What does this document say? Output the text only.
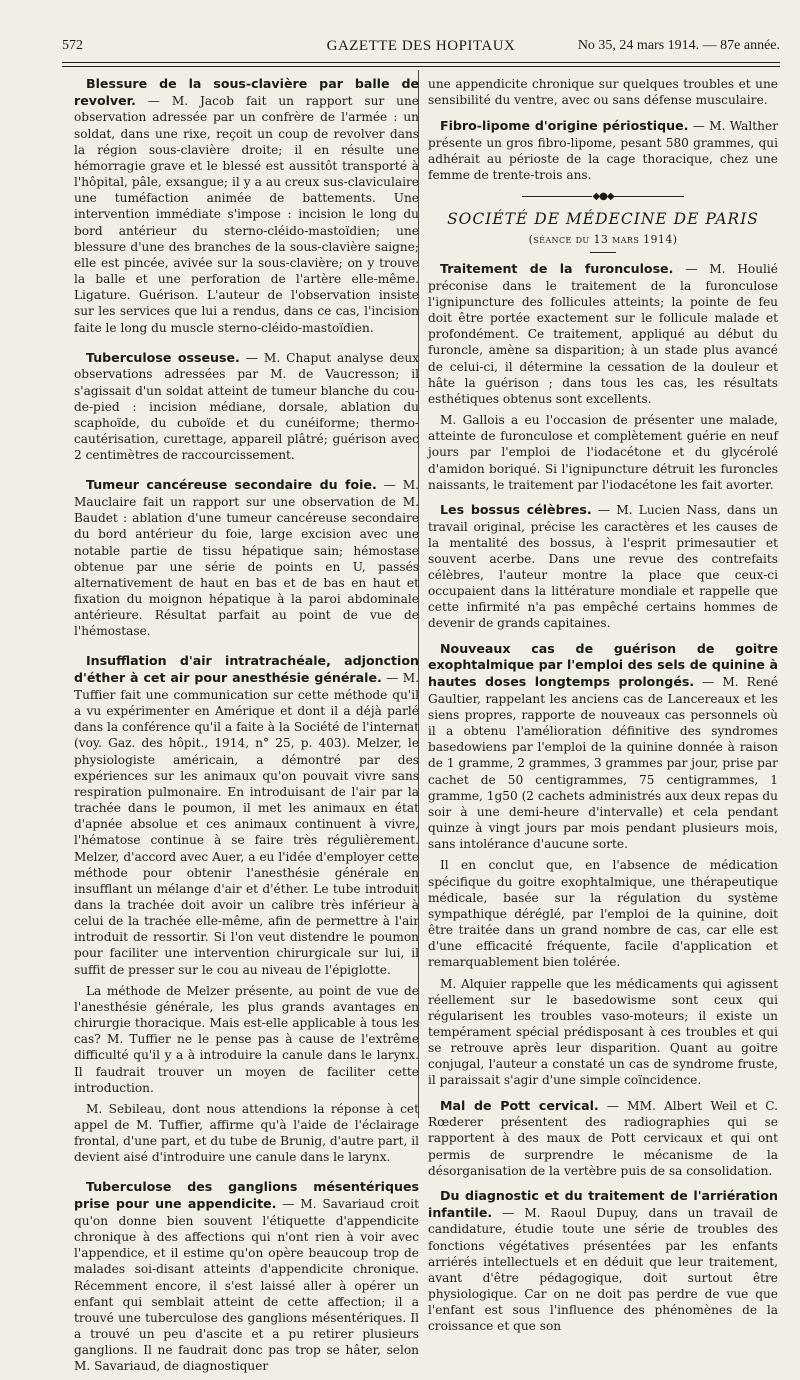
572	GAZETTE DES HOPITAUX	No 35, 24 mars 1914. — 87e année.

Blessure de la sous-clavière par balle de revolver. — M. Jacob fait un rapport sur une observation adressée par un confrère de l'armée : un soldat, dans une rixe, reçoit un coup de revolver dans la région sous-clavière droite; il en résulte une hémorragie grave et le blessé est aussitôt transporté à l'hôpital, pâle, exsangue; il y a au creux sus-claviculaire une tuméfaction animée de battements. Une intervention immédiate s'impose : incision le long du bord antérieur du sterno-cléido-mastoïdien; une blessure d'une des branches de la sous-clavière saigne; elle est pincée, avivée sur la sous-clavière; on y trouve la balle et une perforation de l'artère elle-même. Ligature. Guérison. L'auteur de l'observation insiste sur les services que lui a rendus, dans ce cas, l'incision faite le long du muscle sterno-cléido-mastoïdien.

Tuberculose osseuse. — M. Chaput analyse deux observations adressées par M. de Vaucresson; il s'agissait d'un soldat atteint de tumeur blanche du cou-de-pied : incision médiane, dorsale, ablation du scaphoïde, du cuboïde et du cunéiforme; thermo-cautérisation, curettage, appareil plâtré; guérison avec 2 centimètres de raccourcissement.

Tumeur cancéreuse secondaire du foie. — M. Mauclaire fait un rapport sur une observation de M. Baudet : ablation d'une tumeur cancéreuse secondaire du bord antérieur du foie, large excision avec une notable partie de tissu hépatique sain; hémostase obtenue par une série de points en U, passés alternativement de haut en bas et de bas en haut et fixation du moignon hépatique à la paroi abdominale antérieure. Résultat parfait au point de vue de l'hémostase.

Insufflation d'air intratrachéale, adjonction d'éther à cet air pour anesthésie générale. — M. Tuffier fait une communication sur cette méthode qu'il a vu expérimenter en Amérique et dont il a déjà parlé dans la conférence qu'il a faite à la Société de l'internat (voy. Gaz. des hôpit., 1914, n° 25, p. 403). Melzer, le physiologiste américain, a démontré par des expériences sur les animaux qu'on pouvait vivre sans respiration pulmonaire. En introduisant de l'air par la trachée dans le poumon, il met les animaux en état d'apnée absolue et ces animaux continuent à vivre, l'hématose continue à se faire très régulièrement. Melzer, d'accord avec Auer, a eu l'idée d'employer cette méthode pour obtenir l'anesthésie générale en insufflant un mélange d'air et d'éther. Le tube introduit dans la trachée doit avoir un calibre très inférieur à celui de la trachée elle-même, afin de permettre à l'air introduit de ressortir. Si l'on veut distendre le poumon pour faciliter une intervention chirurgicale sur lui, il suffit de presser sur le cou au niveau de l'épiglotte.

La méthode de Melzer présente, au point de vue de l'anesthésie générale, les plus grands avantages en chirurgie thoracique. Mais est-elle applicable à tous les cas? M. Tuffier ne le pense pas à cause de l'extrême difficulté qu'il y a à introduire la canule dans le larynx. Il faudrait trouver un moyen de faciliter cette introduction.

M. Sebileau, dont nous attendions la réponse à cet appel de M. Tuffier, affirme qu'à l'aide de l'éclairage frontal, d'une part, et du tube de Brunig, d'autre part, il devient aisé d'introduire une canule dans le larynx.

Tuberculose des ganglions mésentériques prise pour une appendicite. — M. Savariaud croit qu'on donne bien souvent l'étiquette d'appendicite chronique à des affections qui n'ont rien à voir avec l'appendice, et il estime qu'on opère beaucoup trop de malades soi-disant atteints d'appendicite chronique. Récemment encore, il s'est laissé aller à opérer un enfant qui semblait atteint de cette affection; il a trouvé une tuberculose des ganglions mésentériques. Il a trouvé un peu d'ascite et a pu retirer plusieurs ganglions. Il ne faudrait donc pas trop se hâter, selon M. Savariaud, de diagnostiquer

une appendicite chronique sur quelques troubles et une sensibilité du ventre, avec ou sans défense musculaire.

Fibro-lipome d'origine périostique. — M. Walther présente un gros fibro-lipome, pesant 580 grammes, qui adhérait au périoste de la cage thoracique, chez une femme de trente-trois ans.

◆●◆

SOCIÉTÉ DE MÉDECINE DE PARIS

(séance du 13 mars 1914)

Traitement de la furonculose. — M. Houlié préconise dans le traitement de la furonculose l'ignipuncture des follicules atteints; la pointe de feu doit être portée exactement sur le follicule malade et profondément. Ce traitement, appliqué au début du furoncle, amène sa disparition; à un stade plus avancé de celui-ci, il détermine la cessation de la douleur et hâte la guérison ; dans tous les cas, les résultats esthétiques obtenus sont excellents.

M. Gallois a eu l'occasion de présenter une malade, atteinte de furonculose et complètement guérie en neuf jours par l'emploi de l'iodacétone et du glycérolé d'amidon boriqué. Si l'ignipuncture détruit les furoncles naissants, le traitement par l'iodacétone les fait avorter.

Les bossus célèbres. — M. Lucien Nass, dans un travail original, précise les caractères et les causes de la mentalité des bossus, à l'esprit primesautier et souvent acerbe. Dans une revue des contrefaits célèbres, l'auteur montre la place que ceux-ci occupaient dans la littérature mondiale et rappelle que cette infirmité n'a pas empêché certains hommes de devenir de grands capitaines.

Nouveaux cas de guérison de goitre exophtalmique par l'emploi des sels de quinine à hautes doses longtemps prolongés. — M. René Gaultier, rappelant les anciens cas de Lancereaux et les siens propres, rapporte de nouveaux cas personnels où il a obtenu l'amélioration définitive des syndromes basedowiens par l'emploi de la quinine donnée à raison de 1 gramme, 2 grammes, 3 grammes par jour, prise par cachet de 50 centigrammes, 75 centigrammes, 1 gramme, 1g50 (2 cachets administrés aux deux repas du soir à une demi-heure d'intervalle) et cela pendant quinze à vingt jours par mois pendant plusieurs mois, sans intolérance d'aucune sorte.

Il en conclut que, en l'absence de médication spécifique du goitre exophtalmique, une thérapeutique médicale, basée sur la régulation du système sympathique déréglé, par l'emploi de la quinine, doit être traitée dans un grand nombre de cas, car elle est d'une efficacité fréquente, facile d'application et remarquablement bien tolérée.

M. Alquier rappelle que les médicaments qui agissent réellement sur le basedowisme sont ceux qui régularisent les troubles vaso-moteurs; il existe un tempérament spécial prédisposant à ces troubles et qui se retrouve après leur disparition. Quant au goitre conjugal, l'auteur a constaté un cas de syndrome fruste, il paraissait s'agir d'une simple coïncidence.

Mal de Pott cervical. — MM. Albert Weil et C. Rœderer présentent des radiographies qui se rapportent à des maux de Pott cervicaux et qui ont permis de surprendre le mécanisme de la désorganisation de la vertèbre puis de sa consolidation.

Du diagnostic et du traitement de l'arriération infantile. — M. Raoul Dupuy, dans un travail de candidature, étudie toute une série de troubles des fonctions végétatives présentées par les enfants arriérés intellectuels et en déduit que leur traitement, avant d'être pédagogique, doit surtout être physiologique. Car on ne doit pas perdre de vue que l'enfant est sous l'influence des phénomènes de la croissance et que son
